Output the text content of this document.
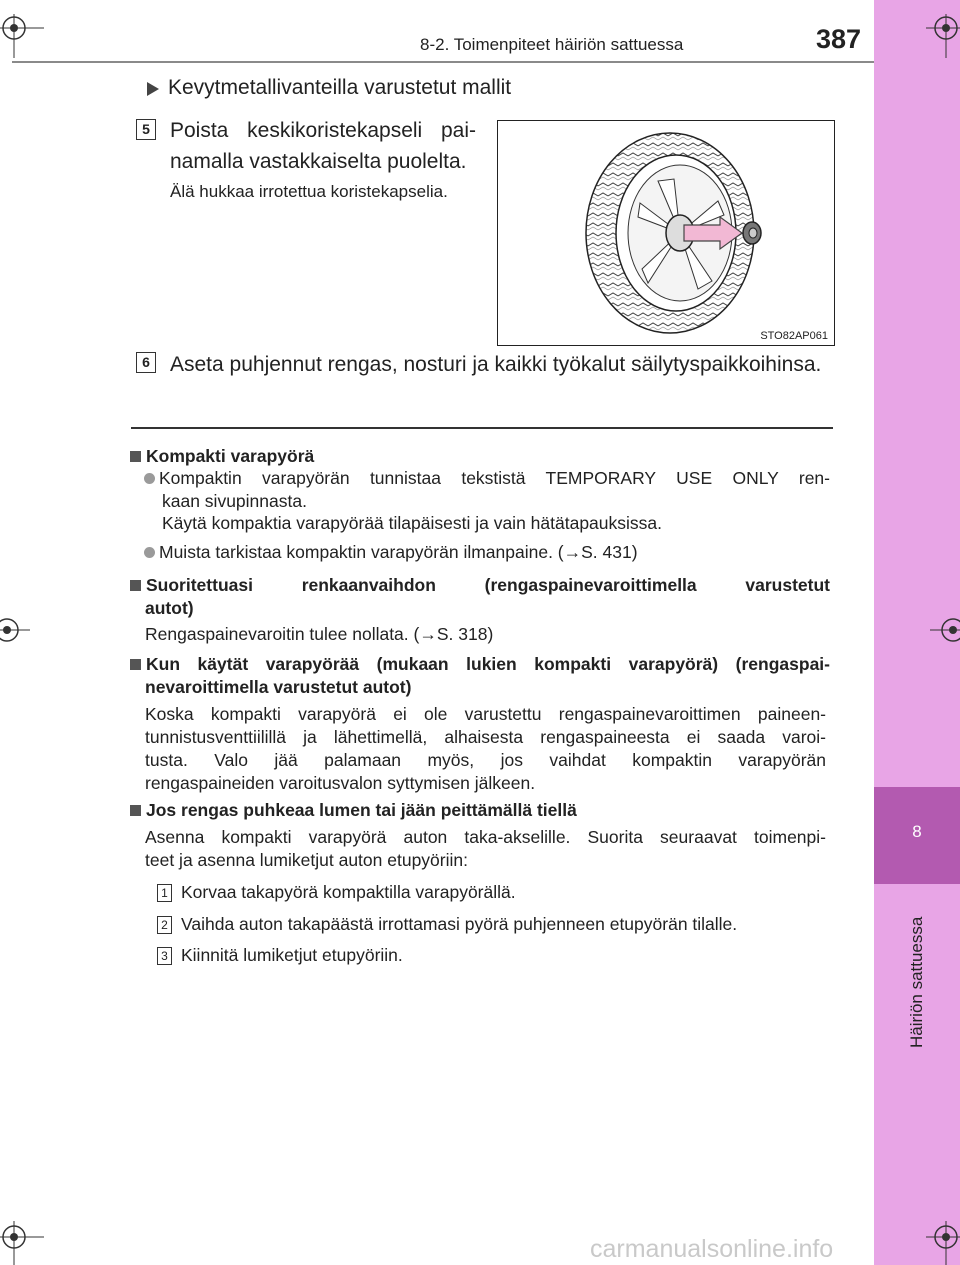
8
Häiriön sattuessa
8-2. Toimenpiteet häiriön sattuessa	387
Kevytmetallivanteilla varustetut mallit
5 Poista keskikoristekapseli painamalla vastakkaiselta puolelta.
Älä hukkaa irrotettua koristekapselia.
STO82AP061
6 Aseta puhjennut rengas, nosturi ja kaikki työkalut säilytyspaikkoihinsa.
Kompakti varapyörä
Kompaktin varapyörän tunnistaa tekstistä TEMPORARY USE ONLY ren-
kaan sivupinnasta.
Käytä kompaktia varapyörää tilapäisesti ja vain hätätapauksissa.
Muista tarkistaa kompaktin varapyörän ilmanpaine. (→S. 431)
Suoritettuasi renkaanvaihdon (rengaspainevaroittimella varustetut
autot)
Rengaspainevaroitin tulee nollata. (→S. 318)
Kun käytät varapyörää (mukaan lukien kompakti varapyörä) (rengaspai-
nevaroittimella varustetut autot)
Koska kompakti varapyörä ei ole varustettu rengaspainevaroittimen paineen-
tunnistusventtiilillä ja lähettimellä, alhaisesta rengaspaineesta ei saada varoi-
tusta. Valo jää palamaan myös, jos vaihdat kompaktin varapyörän
rengaspaineiden varoitusvalon syttymisen jälkeen.
Jos rengas puhkeaa lumen tai jään peittämällä tiellä
Asenna kompakti varapyörä auton taka-akselille. Suorita seuraavat toimenpi-
teet ja asenna lumiketjut auton etupyöriin:
1 Korvaa takapyörä kompaktilla varapyörällä.
2 Vaihda auton takapäästä irrottamasi pyörä puhjenneen etupyörän tilalle.
3 Kiinnitä lumiketjut etupyöriin.
carmanualsonline.info
